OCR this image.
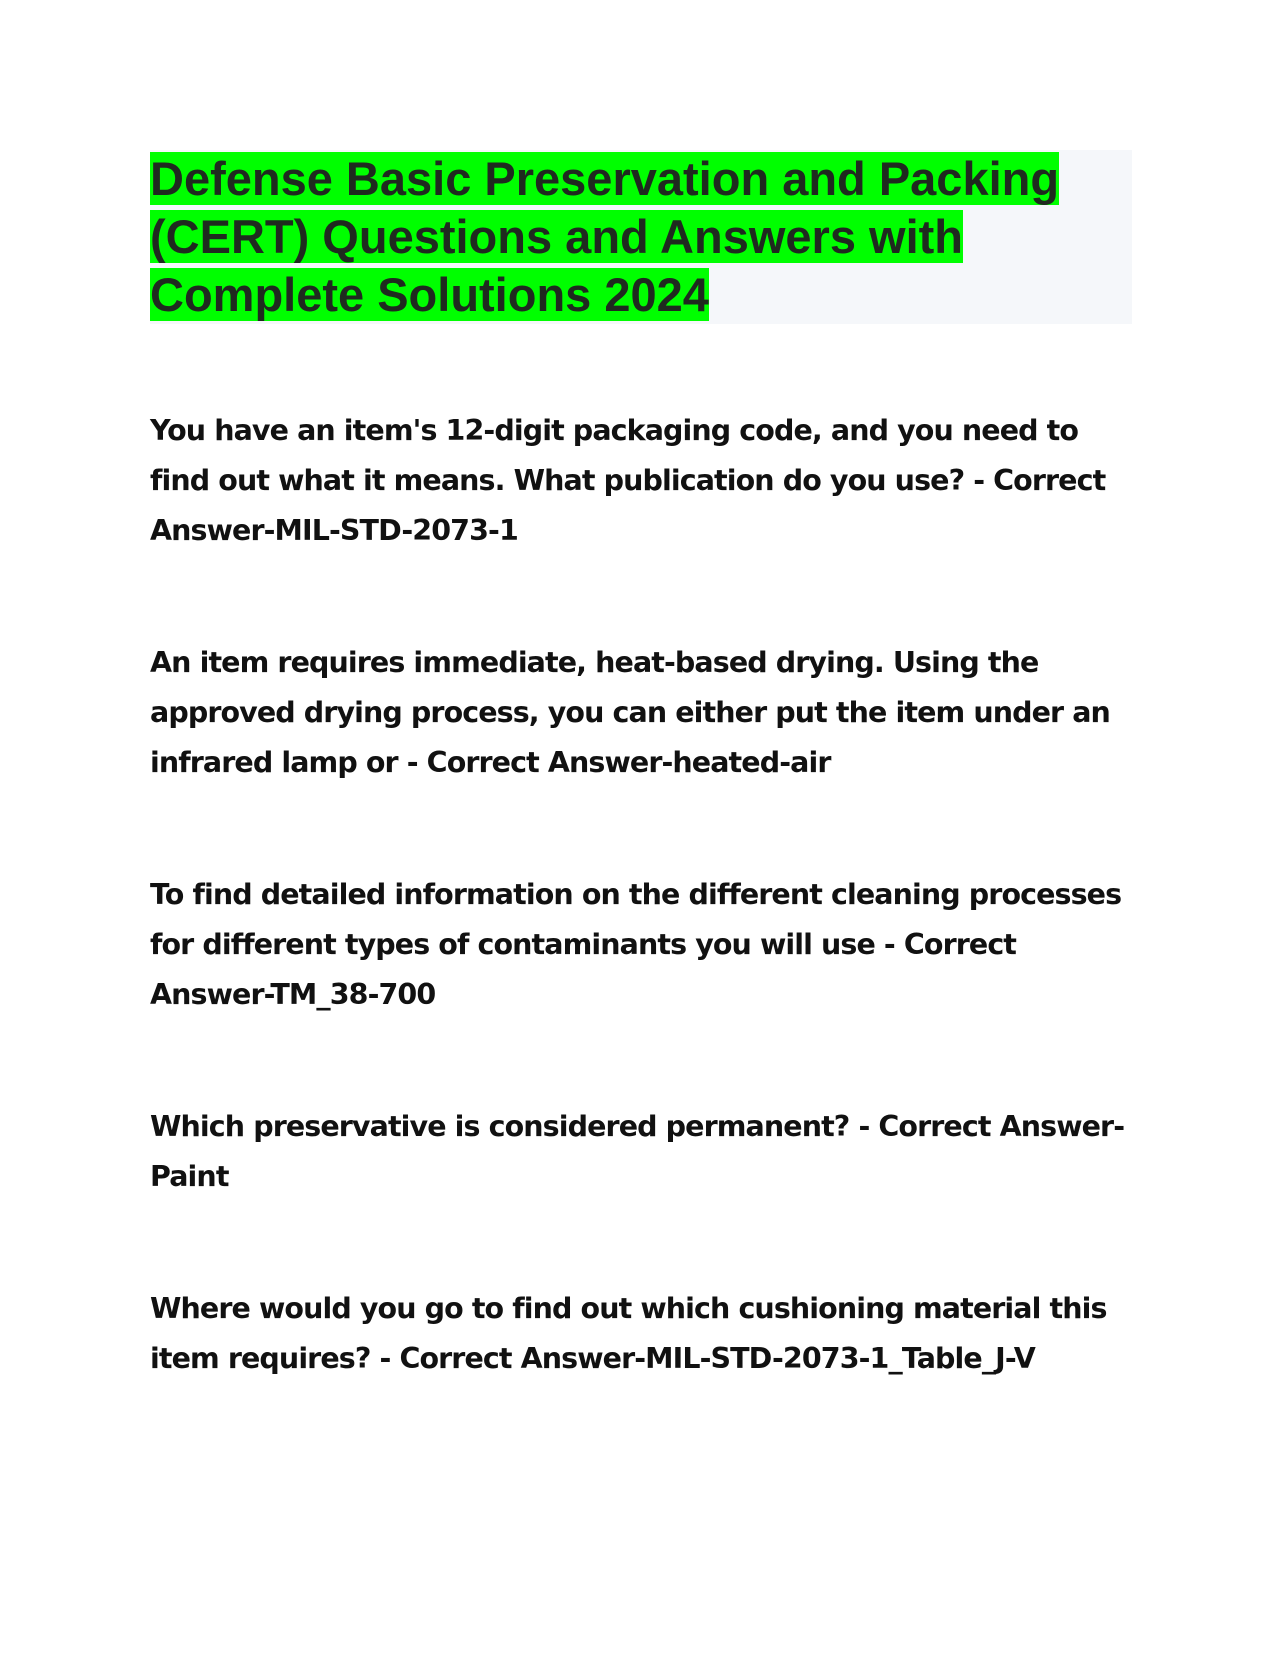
Defense Basic Preservation and Packing (CERT) Questions and Answers with Complete Solutions 2024

You have an item's 12-digit packaging code, and you need to find out what it means. What publication do you use? - Correct Answer-MIL-STD-2073-1

An item requires immediate, heat-based drying. Using the approved drying process, you can either put the item under an infrared lamp or - Correct Answer-heated-air

To find detailed information on the different cleaning processes for different types of contaminants you will use - Correct Answer-TM_38-700

Which preservative is considered permanent? - Correct Answer-Paint

Where would you go to find out which cushioning material this item requires? - Correct Answer-MIL-STD-2073-1_Table_J-V
